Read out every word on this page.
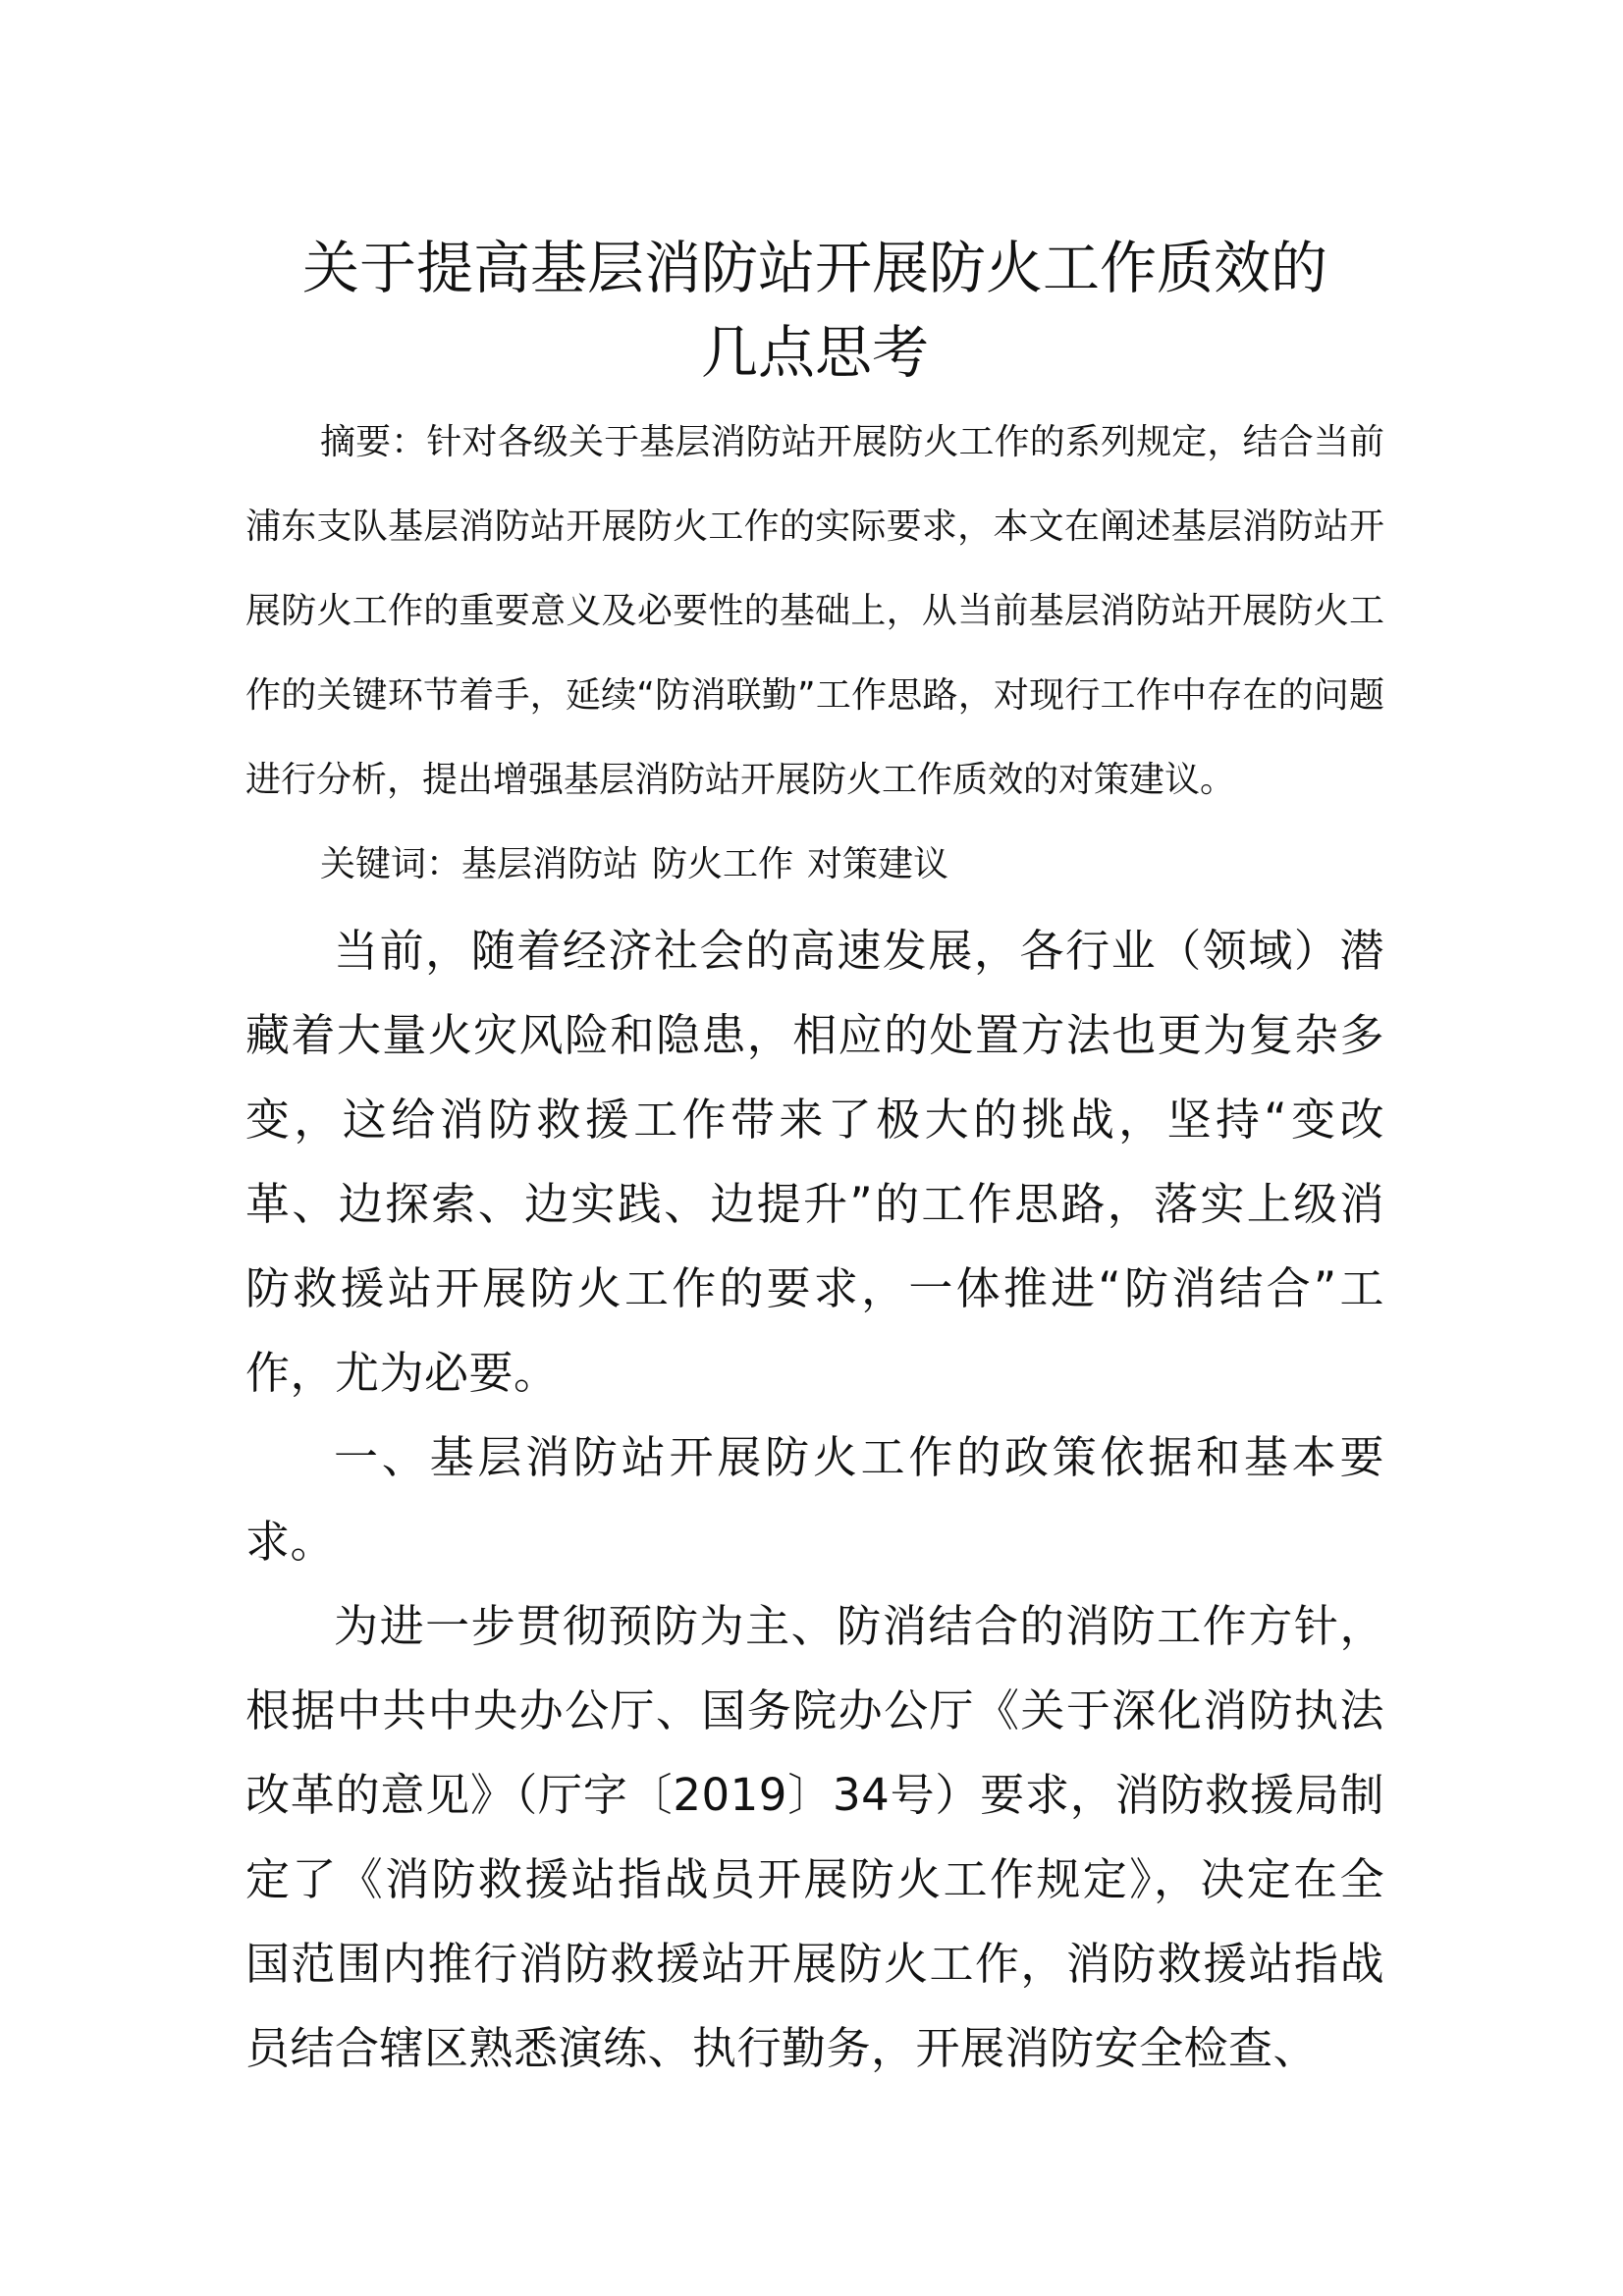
关于提高基层消防站开展防火工作质效的
几点思考

摘要：针对各级关于基层消防站开展防火工作的系列规定，结合当前浦东支队基层消防站开展防火工作的实际要求，本文在阐述基层消防站开展防火工作的重要意义及必要性的基础上，从当前基层消防站开展防火工作的关键环节着手，延续“防消联勤”工作思路，对现行工作中存在的问题进行分析，提出增强基层消防站开展防火工作质效的对策建议。

关键词：基层消防站 防火工作 对策建议

当前，随着经济社会的高速发展，各行业（领域）潜藏着大量火灾风险和隐患，相应的处置方法也更为复杂多变，这给消防救援工作带来了极大的挑战，坚持“变改革、边探索、边实践、边提升”的工作思路，落实上级消防救援站开展防火工作的要求，一体推进“防消结合”工作，尤为必要。

一、基层消防站开展防火工作的政策依据和基本要求。

为进一步贯彻预防为主、防消结合的消防工作方针，根据中共中央办公厅、国务院办公厅《关于深化消防执法改革的意见》（厅字〔2019〕34号）要求，消防救援局制定了《消防救援站指战员开展防火工作规定》，决定在全国范围内推行消防救援站开展防火工作，消防救援站指战员结合辖区熟悉演练、执行勤务，开展消防安全检查、
